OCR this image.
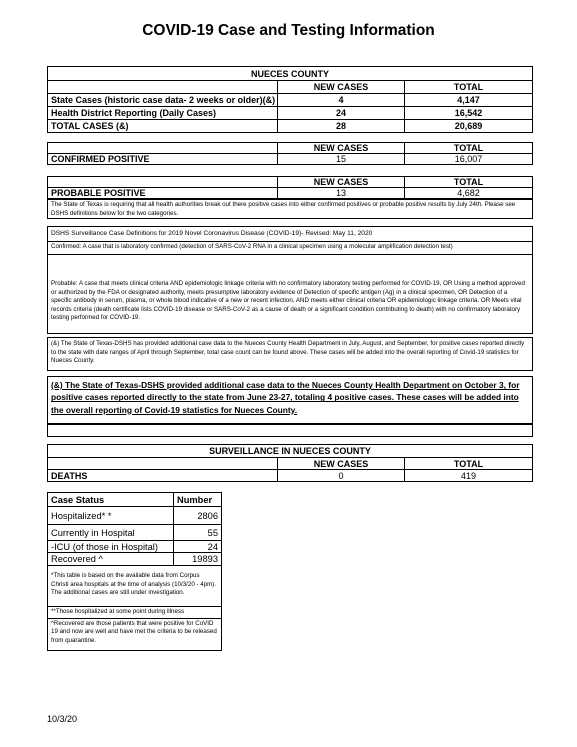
COVID-19 Case and Testing Information
NUECES COUNTY		
	NEW CASES	TOTAL
State Cases (historic case data- 2 weeks or older)(&)	4	4,147
Health District Reporting (Daily Cases)	24	16,542
TOTAL CASES (&)	28	20,689
	NEW CASES	TOTAL
CONFIRMED POSITIVE	15	16,007
	NEW CASES	TOTAL
PROBABLE POSITIVE	13	4,682
The State of Texas is requiring that all health authorities break out there positive cases into either confirmed positives or probable positive results by July 24th. Please see DSHS definitions below for the two categories.
DSHS Surveillance Case Definitions for 2019 Novel Coronavirus Disease (COVID-19)- Revised: May 11, 2020
Confirmed: A case that is laboratory confirmed (detection of SARS-CoV-2 RNA in a clinical specimen using a molecular amplification detection test)
Probable: A case that meets clinical criteria AND epidemiologic linkage criteria with no confirmatory laboratory testing performed for COVID-19, OR Using a method approved or authorized by the FDA or designated authority, meets presumptive laboratory evidence of Detection of specific antigen (Ag) in a clinical specimen, OR Detection of a specific antibody in serum, plasma, or whole blood indicative of a new or recent infection, AND meets either clinical criteria OR epidemiologic linkage criteria. OR Meets vital records criteria (death certificate lists COVID-19 disease or SARS-CoV-2 as a cause of death or a significant condition contributing to death) with no confirmatory laboratory testing performed for COVID-19.
(&) The State of Texas-DSHS has provided additional case data to the Nueces County Health Department in July, August, and September, for positive cases reported directly to the state with date ranges of April through September, total case count can be found above. These cases will be added into the overall reporting of Covid-19 statistics for Nueces County.
(&) The State of Texas-DSHS provided additional case data to the Nueces County Health Department on October 3, for positive cases reported directly to the state from June 23-27, totaling 4 positive cases. These cases will be added into the overall reporting of Covid-19 statistics for Nueces County.
SURVEILLANCE IN NUECES COUNTY		
	NEW CASES	TOTAL
DEATHS	0	419
Case Status	Number
Hospitalized* *	2806
Currently in Hospital	55
-ICU (of those in Hospital)	24
Recovered ^	19893
*This table is based on the available data from Corpus Christi area hospitals at the time of analysis (10/3/20 - 4pm). The additional cases are still under investigation.	
**Those hospitalized at some point during illness	
^Recovered are those patients that were positive for CoVID 19 and now are well and have met the criteria to be released from quarantine.	
10/3/20
